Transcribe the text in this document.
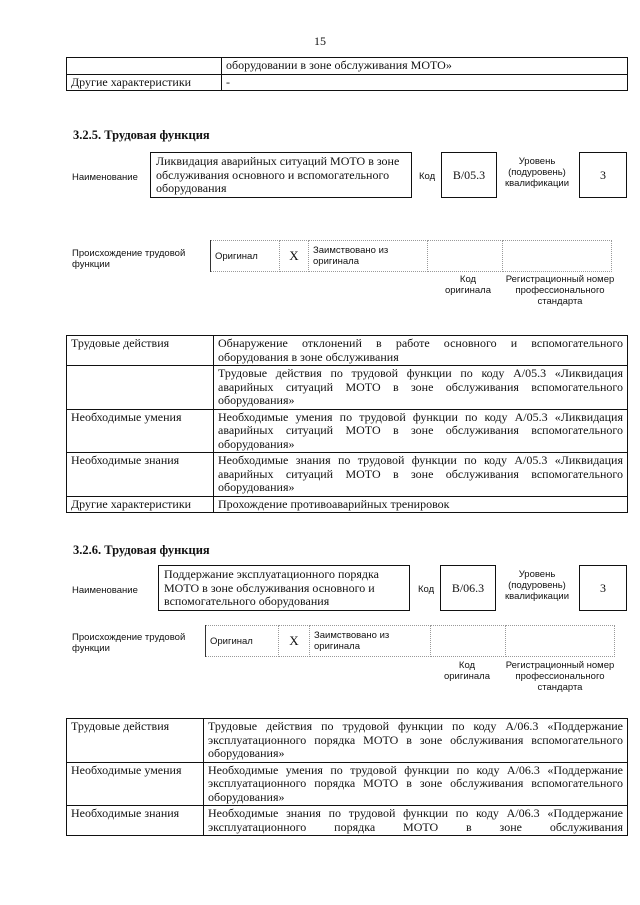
15
	оборудовании в зоне обслуживания МОТО»
Другие характеристики	-
3.2.5. Трудовая функция
Наименование
Ликвидация аварийных ситуаций МОТО в зоне обслуживания основного и вспомогательного оборудования
Код	B/05.3
Уровень (подуровень) квалификации
3
Происхождение трудовой функции
Оригинал	X	Заимствовано из оригинала		
Код оригинала
Регистрационный номер профессионального стандарта
Трудовые действия	Обнаружение отклонений в работе основного и вспомогательного оборудования в зоне обслуживания
	Трудовые действия по трудовой функции по коду А/05.3 «Ликвидация аварийных ситуаций МОТО в зоне обслуживания вспомогательного оборудования»
Необходимые умения	Необходимые умения по трудовой функции по коду А/05.3 «Ликвидация аварийных ситуаций МОТО в зоне обслуживания вспомогательного оборудования»
Необходимые знания	Необходимые знания по трудовой функции по коду А/05.3 «Ликвидация аварийных ситуаций МОТО в зоне обслуживания вспомогательного оборудования»
Другие характеристики	Прохождение противоаварийных тренировок
3.2.6. Трудовая функция
Наименование
Поддержание эксплуатационного порядка МОТО в зоне обслуживания основного и вспомогательного оборудования
Код	B/06.3
Уровень (подуровень) квалификации
3
Происхождение трудовой функции
Оригинал	X	Заимствовано из оригинала		
Код оригинала
Регистрационный номер профессионального стандарта
Трудовые действия	Трудовые действия по трудовой функции по коду А/06.3 «Поддержание эксплуатационного порядка МОТО в зоне обслуживания вспомогательного оборудования»
Необходимые умения	Необходимые умения по трудовой функции по коду А/06.3 «Поддержание эксплуатационного порядка МОТО в зоне обслуживания вспомогательного оборудования»
Необходимые знания	Необходимые знания по трудовой функции по коду А/06.3 «Поддержание эксплуатационного порядка МОТО в зоне обслуживания
